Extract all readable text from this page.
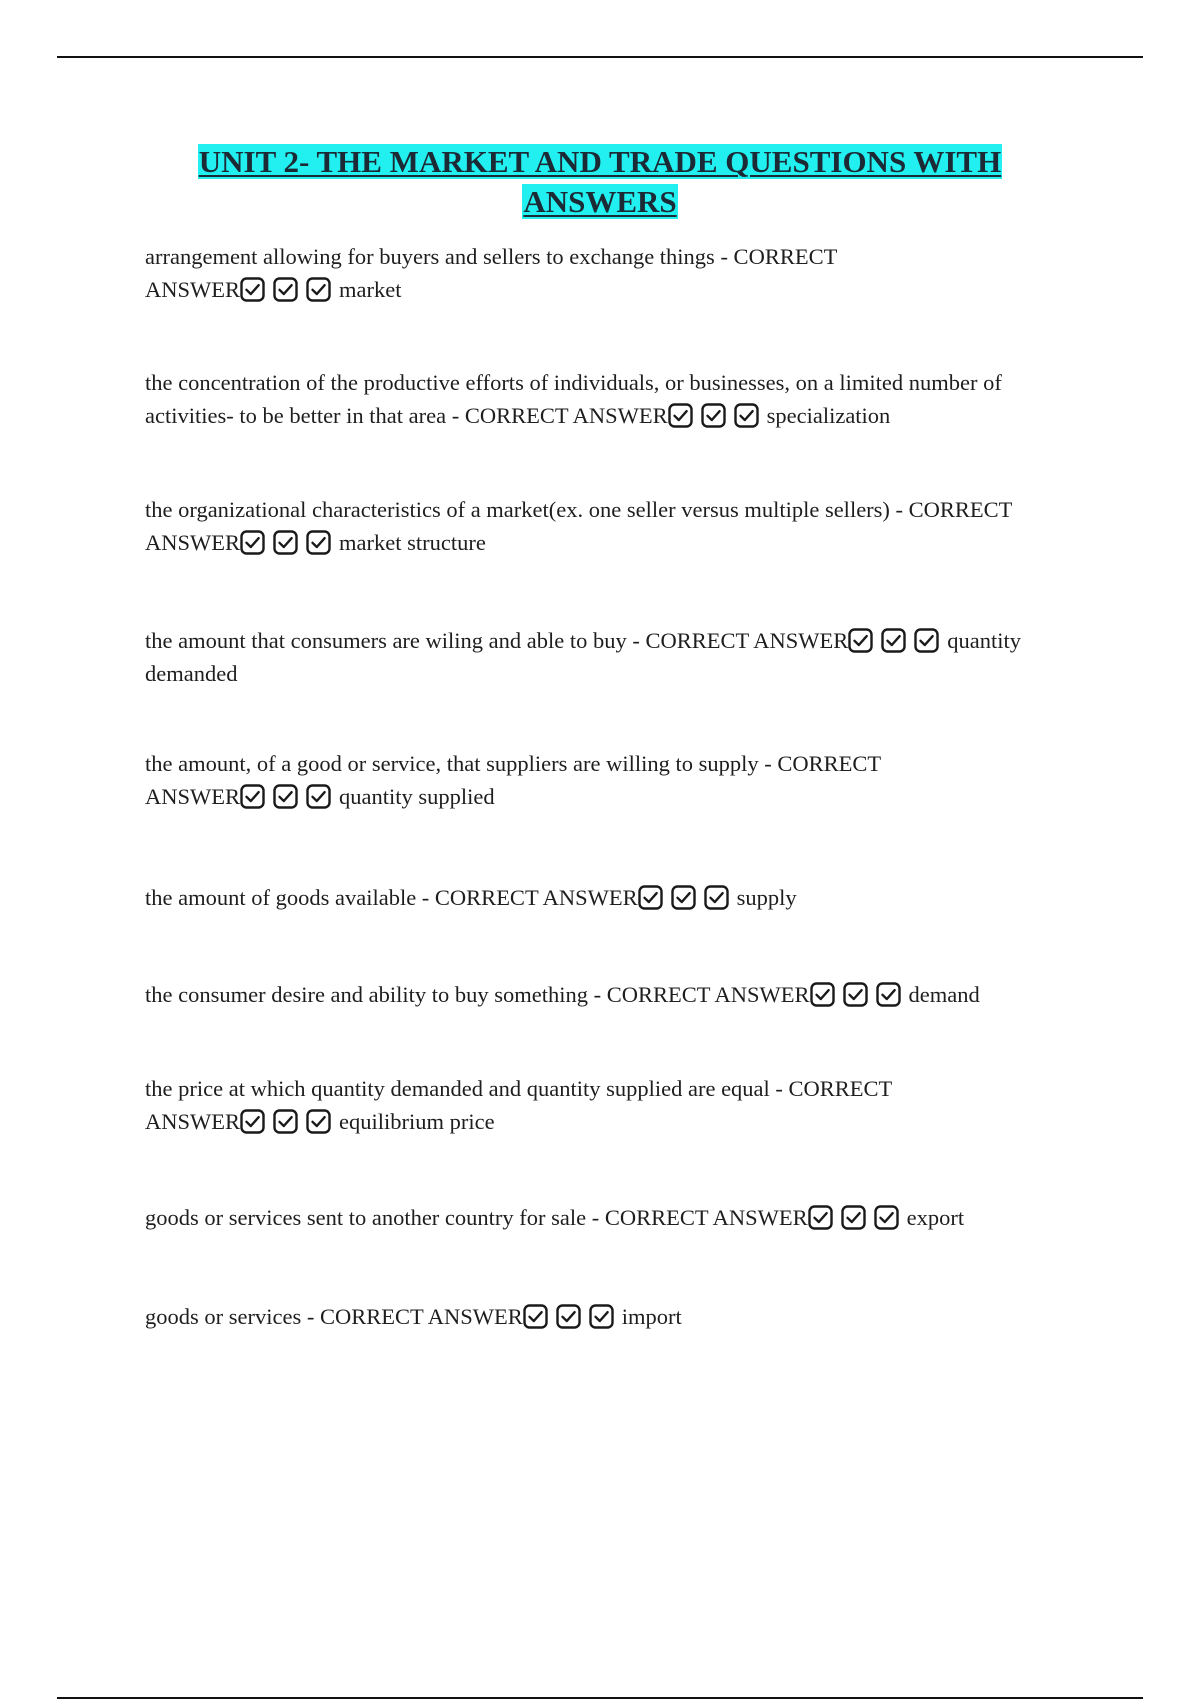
UNIT 2- THE MARKET AND TRADE QUESTIONS WITH
ANSWERS
arrangement allowing for buyers and sellers to exchange things - CORRECT
ANSWER	market
the concentration of the productive efforts of individuals, or businesses, on a limited number of
activities- to be better in that area - CORRECT ANSWER	specialization
the organizational characteristics of a market(ex. one seller versus multiple sellers) - CORRECT
ANSWER	market structure
the amount that consumers are wiling and able to buy - CORRECT ANSWER	quantity
demanded
the amount, of a good or service, that suppliers are willing to supply - CORRECT
ANSWER	quantity supplied
the amount of goods available - CORRECT ANSWER	supply
the consumer desire and ability to buy something - CORRECT ANSWER	demand
the price at which quantity demanded and quantity supplied are equal - CORRECT
ANSWER	equilibrium price
goods or services sent to another country for sale - CORRECT ANSWER	export
goods or services - CORRECT ANSWER	import
